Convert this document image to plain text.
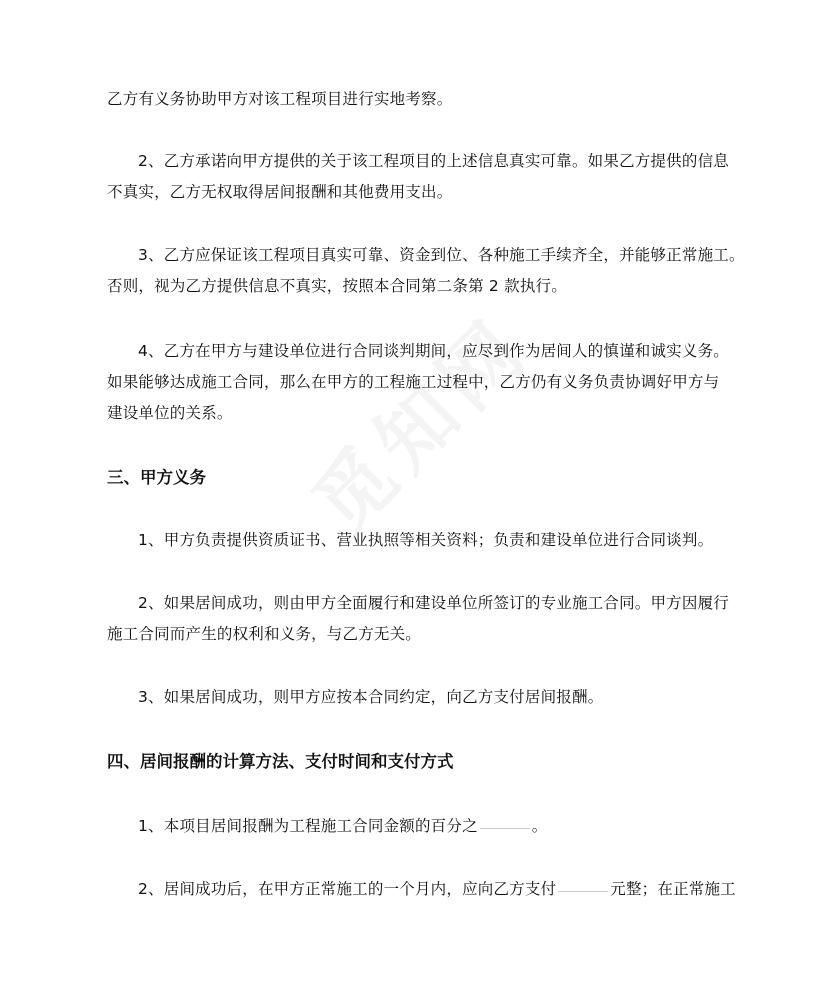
乙方有义务协助甲方对该工程项目进行实地考察。
2、乙方承诺向甲方提供的关于该工程项目的上述信息真实可靠。如果乙方提供的信息
不真实，乙方无权取得居间报酬和其他费用支出。
3、乙方应保证该工程项目真实可靠、资金到位、各种施工手续齐全，并能够正常施工。
否则，视为乙方提供信息不真实，按照本合同第二条第 2 款执行。
4、乙方在甲方与建设单位进行合同谈判期间，应尽到作为居间人的慎谨和诚实义务。
如果能够达成施工合同，那么在甲方的工程施工过程中，乙方仍有义务负责协调好甲方与
建设单位的关系。
三、甲方义务
1、甲方负责提供资质证书、营业执照等相关资料；负责和建设单位进行合同谈判。
2、如果居间成功，则由甲方全面履行和建设单位所签订的专业施工合同。甲方因履行
施工合同而产生的权利和义务，与乙方无关。
3、如果居间成功，则甲方应按本合同约定，向乙方支付居间报酬。
四、居间报酬的计算方法、支付时间和支付方式
1、本项目居间报酬为工程施工合同金额的百分之	。
2、居间成功后，在甲方正常施工的一个月内，应向乙方支付	元整；在正常施工
